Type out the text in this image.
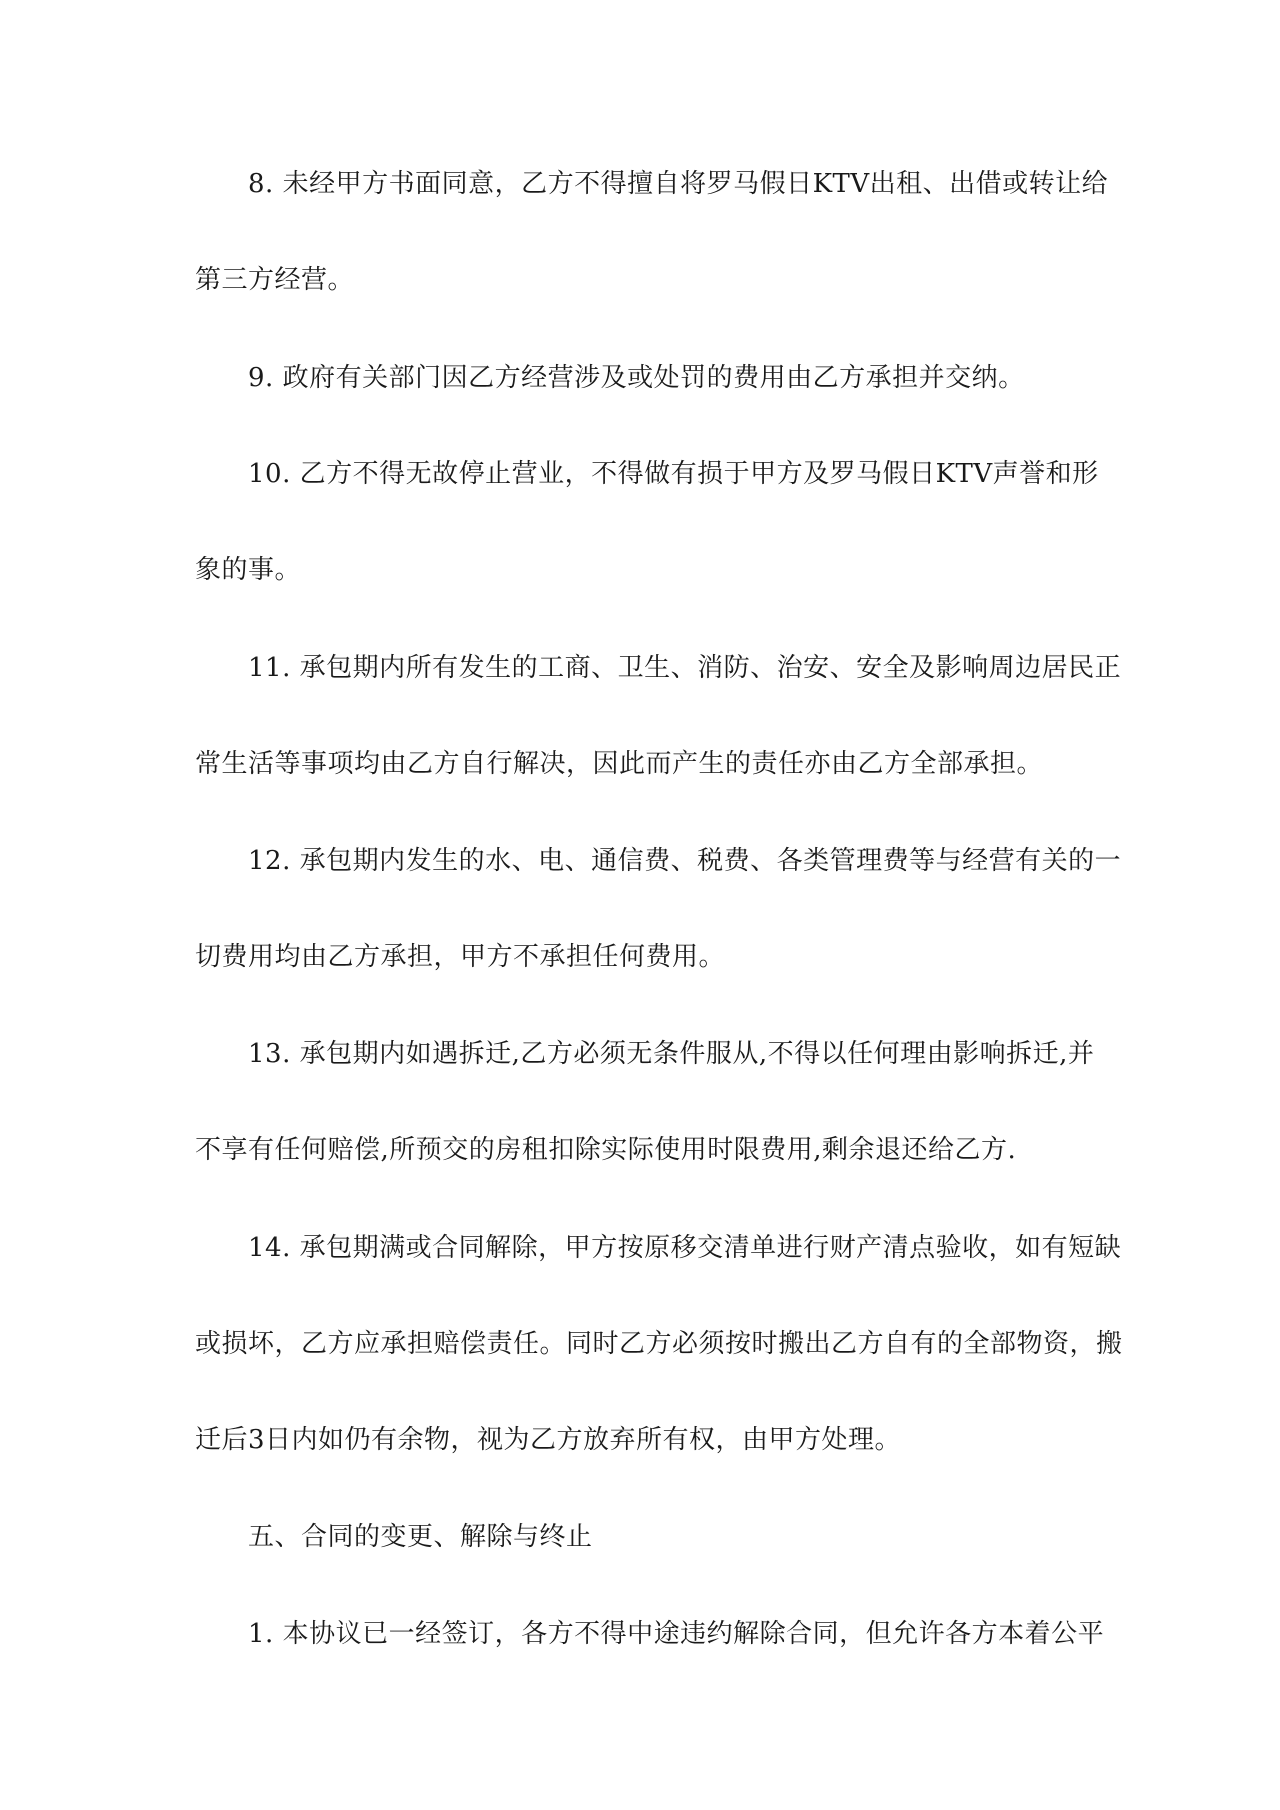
8. 未经甲方书面同意，乙方不得擅自将罗马假日KTV出租、出借或转让给
第三方经营。
9. 政府有关部门因乙方经营涉及或处罚的费用由乙方承担并交纳。
10. 乙方不得无故停止营业，不得做有损于甲方及罗马假日KTV声誉和形
象的事。
11. 承包期内所有发生的工商、卫生、消防、治安、安全及影响周边居民正
常生活等事项均由乙方自行解决，因此而产生的责任亦由乙方全部承担。
12. 承包期内发生的水、电、通信费、税费、各类管理费等与经营有关的一
切费用均由乙方承担，甲方不承担任何费用。
13. 承包期内如遇拆迁,乙方必须无条件服从,不得以任何理由影响拆迁,并
不享有任何赔偿,所预交的房租扣除实际使用时限费用,剩余退还给乙方.
14. 承包期满或合同解除，甲方按原移交清单进行财产清点验收，如有短缺
或损坏，乙方应承担赔偿责任。同时乙方必须按时搬出乙方自有的全部物资，搬
迁后3日内如仍有余物，视为乙方放弃所有权，由甲方处理。
五、合同的变更、解除与终止
1. 本协议已一经签订，各方不得中途违约解除合同，但允许各方本着公平
